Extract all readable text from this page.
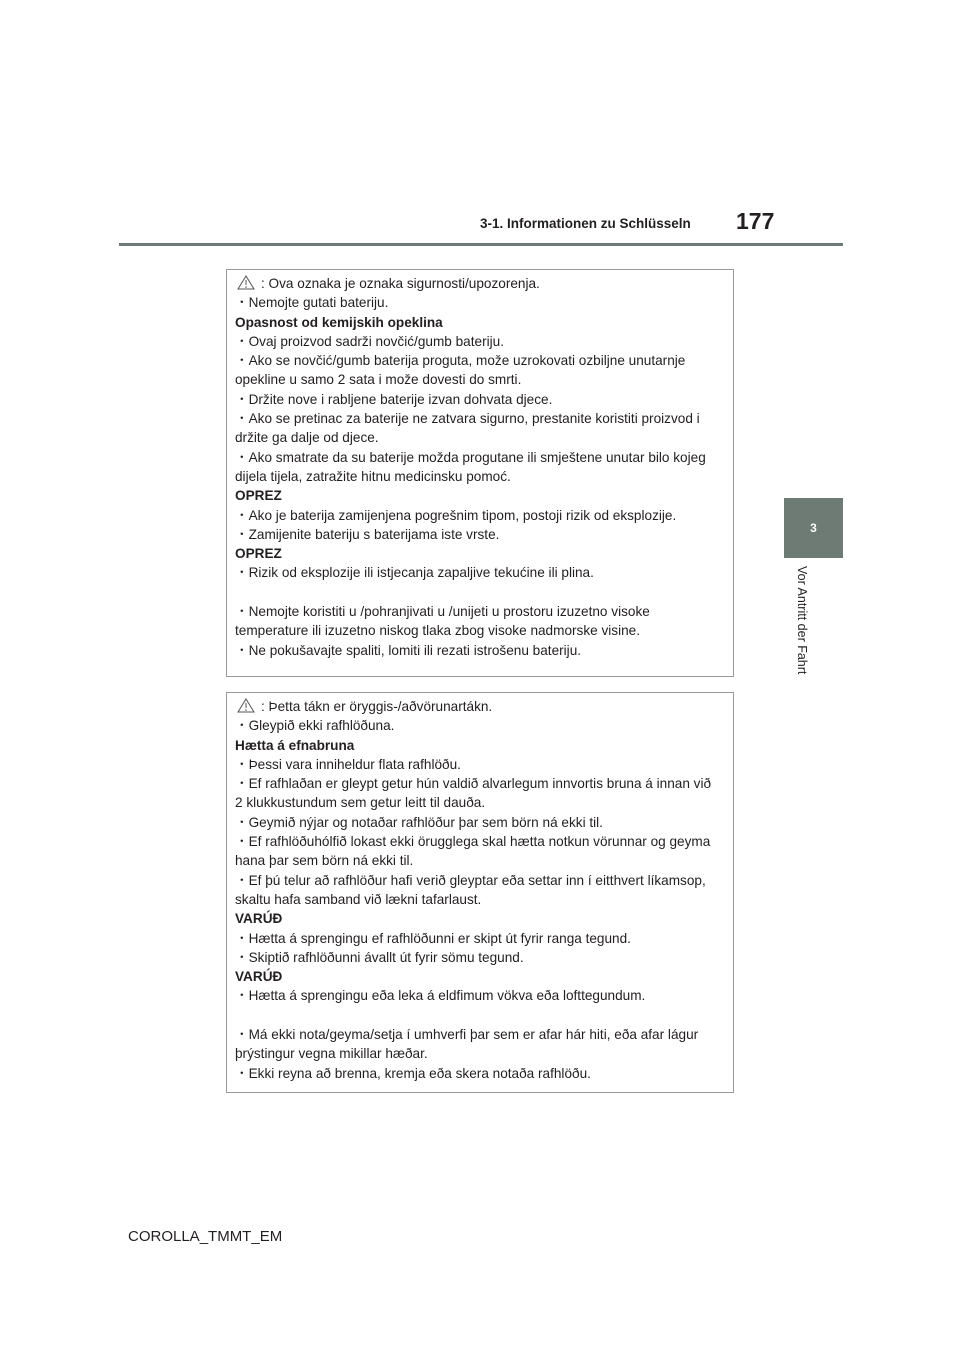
3-1. Informationen zu Schlüsseln 177
3
Vor Antritt der Fahrt
: Ova oznaka je oznaka sigurnosti/upozorenja.
・Nemojte gutati bateriju.
Opasnost od kemijskih opeklina
・Ovaj proizvod sadrži novčić/gumb bateriju.
・Ako se novčić/gumb baterija proguta, može uzrokovati ozbiljne unutarnje
opekline u samo 2 sata i može dovesti do smrti.
・Držite nove i rabljene baterije izvan dohvata djece.
・Ako se pretinac za baterije ne zatvara sigurno, prestanite koristiti proizvod i
držite ga dalje od djece.
・Ako smatrate da su baterije možda progutane ili smještene unutar bilo kojeg
dijela tijela, zatražite hitnu medicinsku pomoć.
OPREZ
・Ako je baterija zamijenjena pogrešnim tipom, postoji rizik od eksplozije.
・Zamijenite bateriju s baterijama iste vrste.
OPREZ
・Rizik od eksplozije ili istjecanja zapaljive tekućine ili plina.
・Nemojte koristiti u /pohranjivati u /unijeti u prostoru izuzetno visoke
temperature ili izuzetno niskog tlaka zbog visoke nadmorske visine.
・Ne pokušavajte spaliti, lomiti ili rezati istrošenu bateriju.
: Þetta tákn er öryggis-/aðvörunartákn.
・Gleypið ekki rafhlöðuna.
Hætta á efnabruna
・Þessi vara inniheldur flata rafhlöðu.
・Ef rafhlaðan er gleypt getur hún valdið alvarlegum innvortis bruna á innan við
2 klukkustundum sem getur leitt til dauða.
・Geymið nýjar og notaðar rafhlöður þar sem börn ná ekki til.
・Ef rafhlöðuhólfið lokast ekki örugglega skal hætta notkun vörunnar og geyma
hana þar sem börn ná ekki til.
・Ef þú telur að rafhlöður hafi verið gleyptar eða settar inn í eitthvert líkamsop,
skaltu hafa samband við lækni tafarlaust.
VARÚÐ
・Hætta á sprengingu ef rafhlöðunni er skipt út fyrir ranga tegund.
・Skiptið rafhlöðunni ávallt út fyrir sömu tegund.
VARÚÐ
・Hætta á sprengingu eða leka á eldfimum vökva eða lofttegundum.
・Má ekki nota/geyma/setja í umhverfi þar sem er afar hár hiti, eða afar lágur
þrýstingur vegna mikillar hæðar.
・Ekki reyna að brenna, kremja eða skera notaða rafhlöðu.
COROLLA_TMMT_EM
